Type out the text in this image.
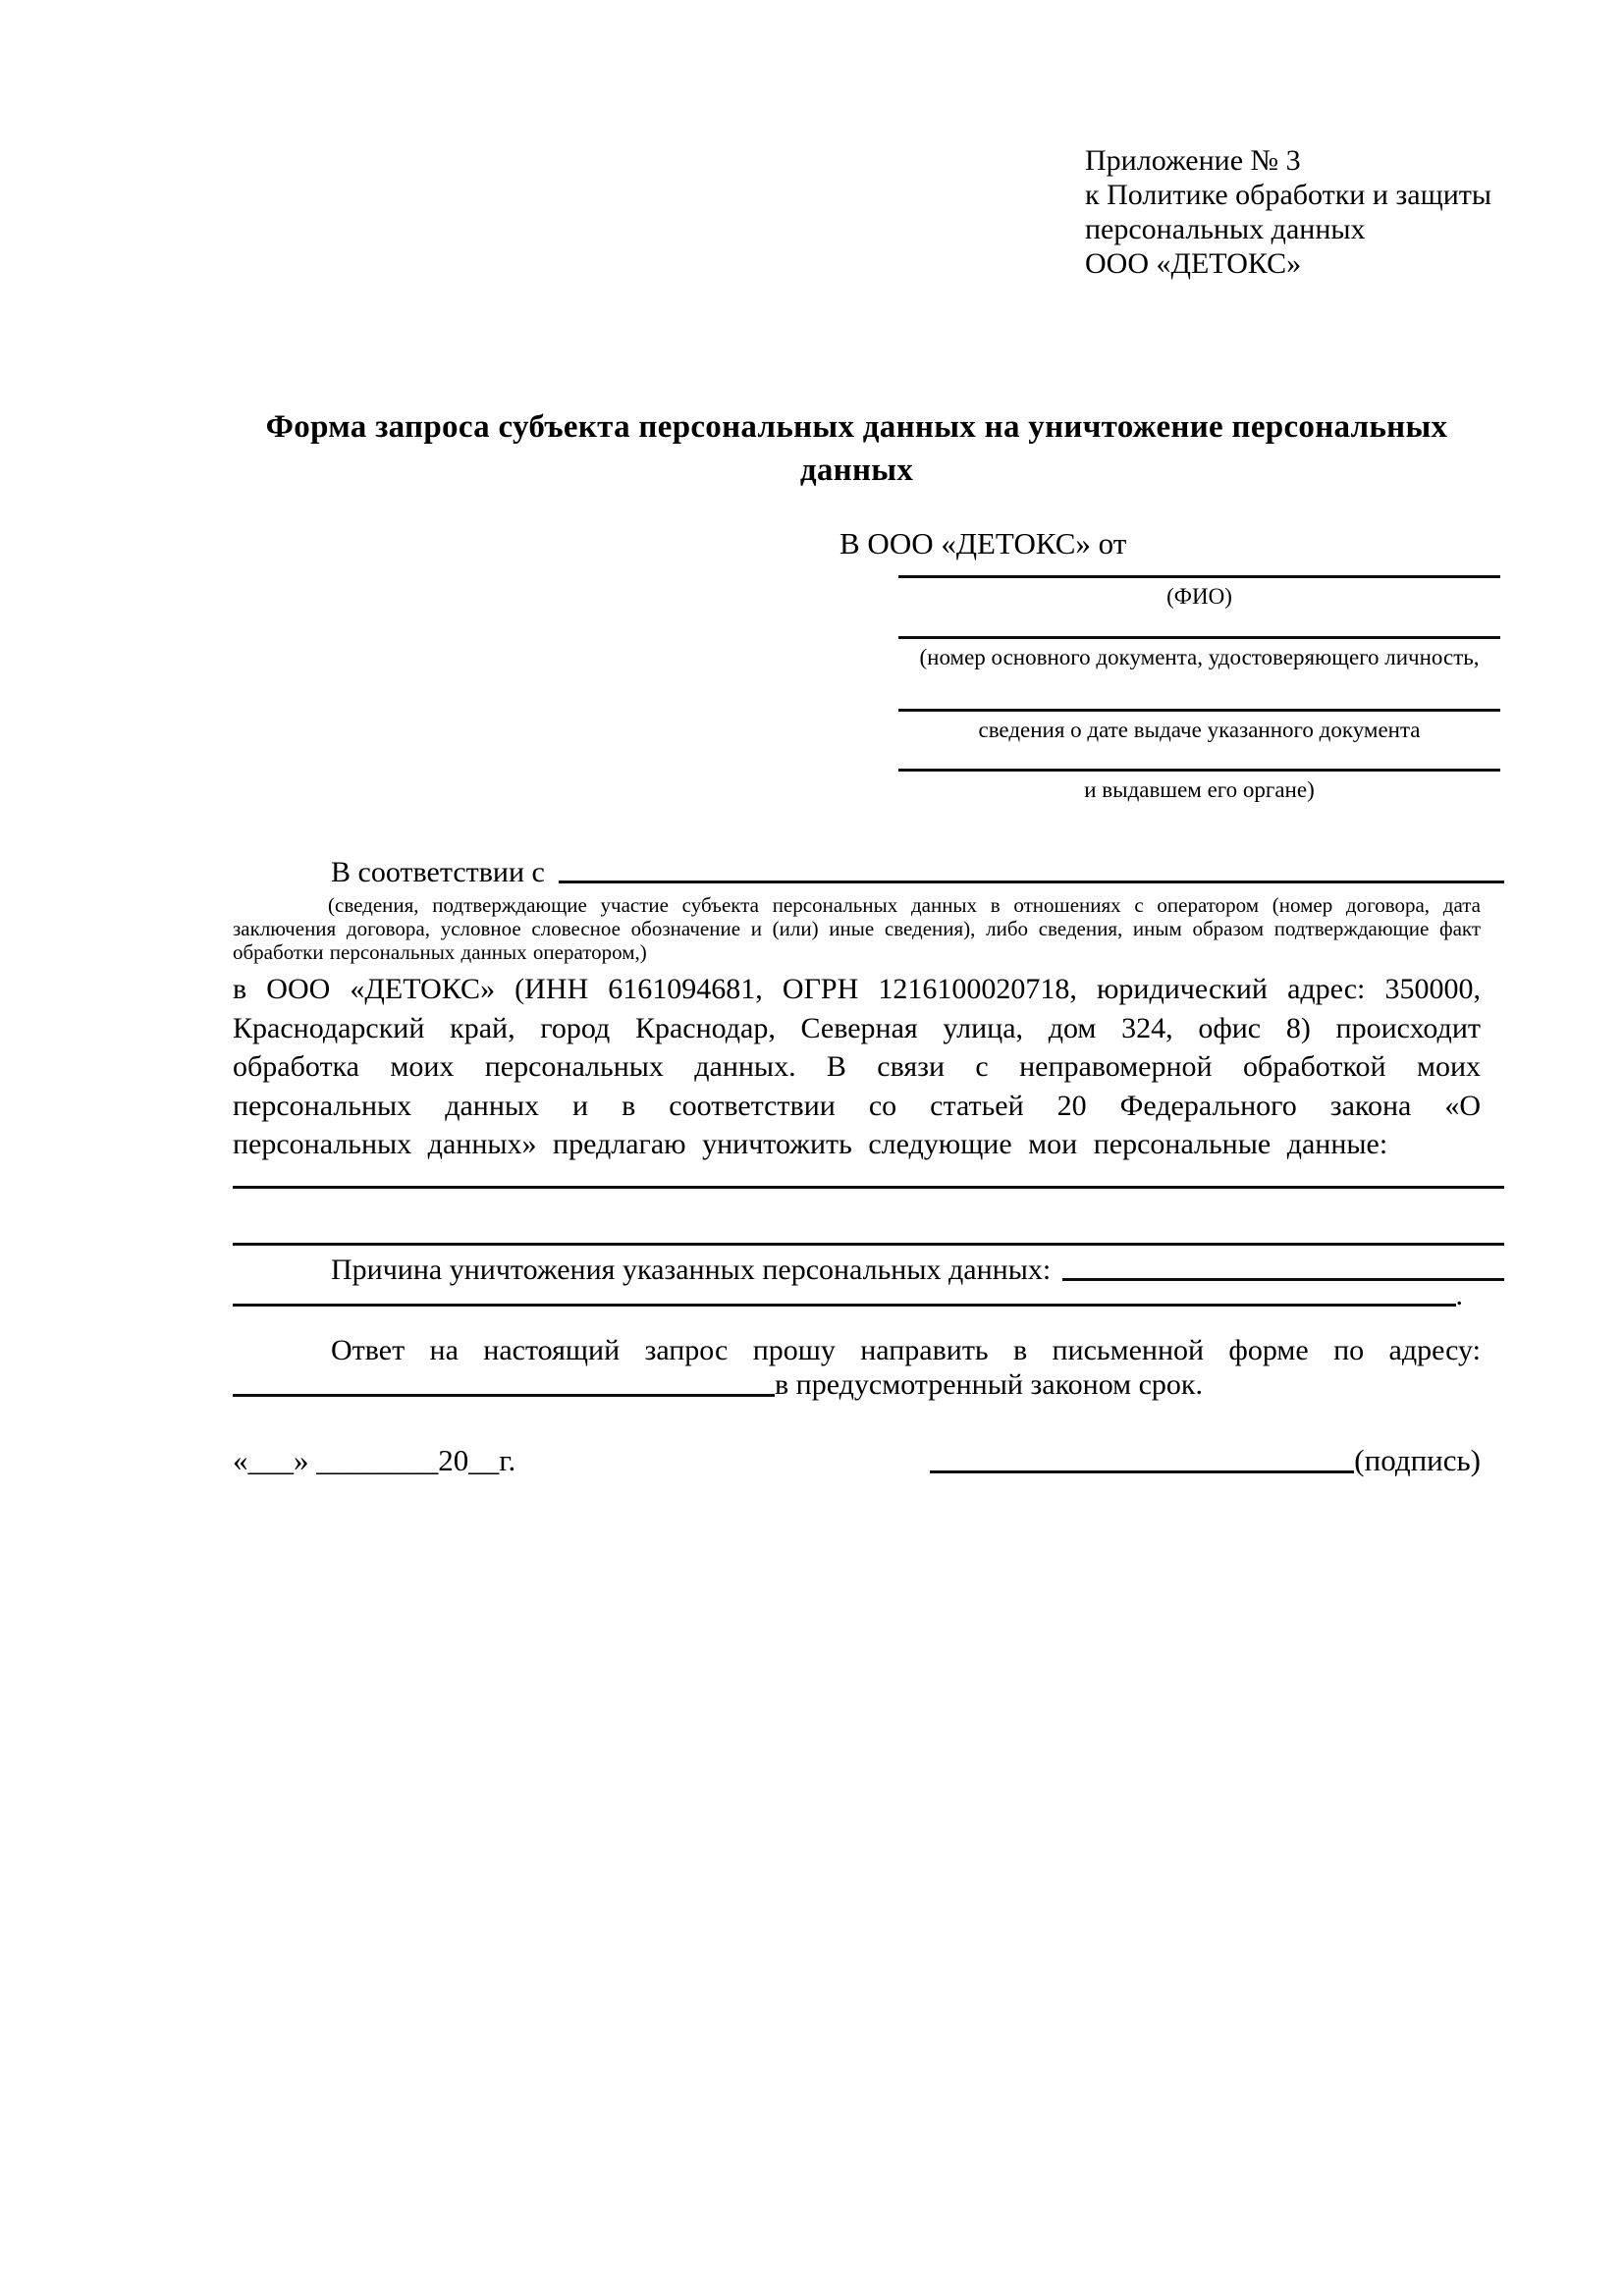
Приложение № 3
к Политике обработки и защиты
персональных данных
ООО «ДЕТОКС»
Форма запроса субъекта персональных данных на уничтожение персональных данных
В ООО «ДЕТОКС» от
(ФИО)
(номер основного документа, удостоверяющего личность,
сведения о дате выдаче указанного документа
и выдавшем его органе)
В соответствии с
(сведения, подтверждающие участие субъекта персональных данных в отношениях с оператором (номер договора, дата заключения договора, условное словесное обозначение и (или) иные сведения), либо сведения, иным образом подтверждающие факт обработки персональных данных оператором,)
в ООО «ДЕТОКС» (ИНН 6161094681, ОГРН 1216100020718, юридический адрес: 350000, Краснодарский край, город Краснодар, Северная улица, дом 324, офис 8) происходит обработка моих персональных данных. В связи с неправомерной обработкой моих персональных данных и в соответствии со статьей 20 Федерального закона «О персональных данных» предлагаю уничтожить следующие мои персональные данные:
Причина уничтожения указанных персональных данных:
.
Ответ на настоящий запрос прошу направить в письменной форме по адресу:
в предусмотренный законом срок.
«___» ________20__г.	(подпись)
